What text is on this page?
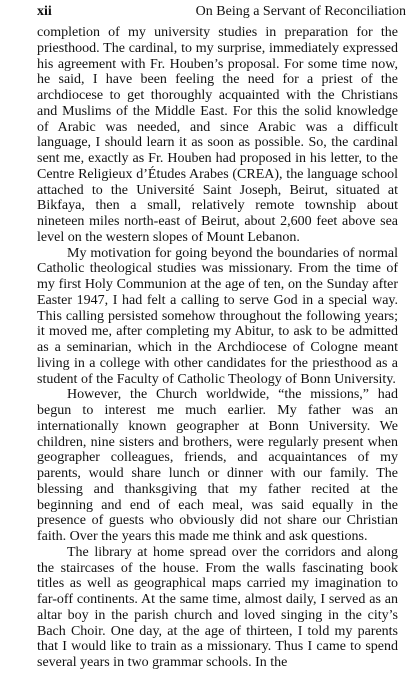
xii	On Being a Servant of Reconciliation

completion of my university studies in preparation for the priesthood. The cardinal, to my surprise, immediately expressed his agreement with Fr. Houben’s proposal. For some time now, he said, I have been feeling the need for a priest of the archdiocese to get thoroughly acquainted with the Christians and Muslims of the Middle East. For this the solid knowledge of Arabic was needed, and since Arabic was a difficult language, I should learn it as soon as possible. So, the cardinal sent me, exactly as Fr. Houben had proposed in his letter, to the Centre Religieux d’Études Arabes (CREA), the language school attached to the Université Saint Joseph, Beirut, situated at Bikfaya, then a small, relatively remote township about nineteen miles north-east of Beirut, about 2,600 feet above sea level on the western slopes of Mount Lebanon.

My motivation for going beyond the boundaries of normal Catholic theological studies was missionary. From the time of my first Holy Communion at the age of ten, on the Sunday after Easter 1947, I had felt a calling to serve God in a special way. This calling persisted somehow throughout the following years; it moved me, after completing my Abitur, to ask to be admitted as a seminarian, which in the Archdiocese of Cologne meant living in a college with other candidates for the priesthood as a student of the Faculty of Catholic Theology of Bonn University.

However, the Church worldwide, “the missions,” had begun to interest me much earlier. My father was an internationally known geographer at Bonn University. We children, nine sisters and brothers, were regularly present when geographer colleagues, friends, and acquaintances of my parents, would share lunch or dinner with our family. The blessing and thanksgiving that my father recited at the beginning and end of each meal, was said equally in the presence of guests who obviously did not share our Christian faith. Over the years this made me think and ask questions.

The library at home spread over the corridors and along the staircases of the house. From the walls fascinating book titles as well as geographical maps carried my imagination to far-off continents. At the same time, almost daily, I served as an altar boy in the parish church and loved singing in the city’s Bach Choir. One day, at the age of thirteen, I told my parents that I would like to train as a missionary. Thus I came to spend several years in two grammar schools. In the
